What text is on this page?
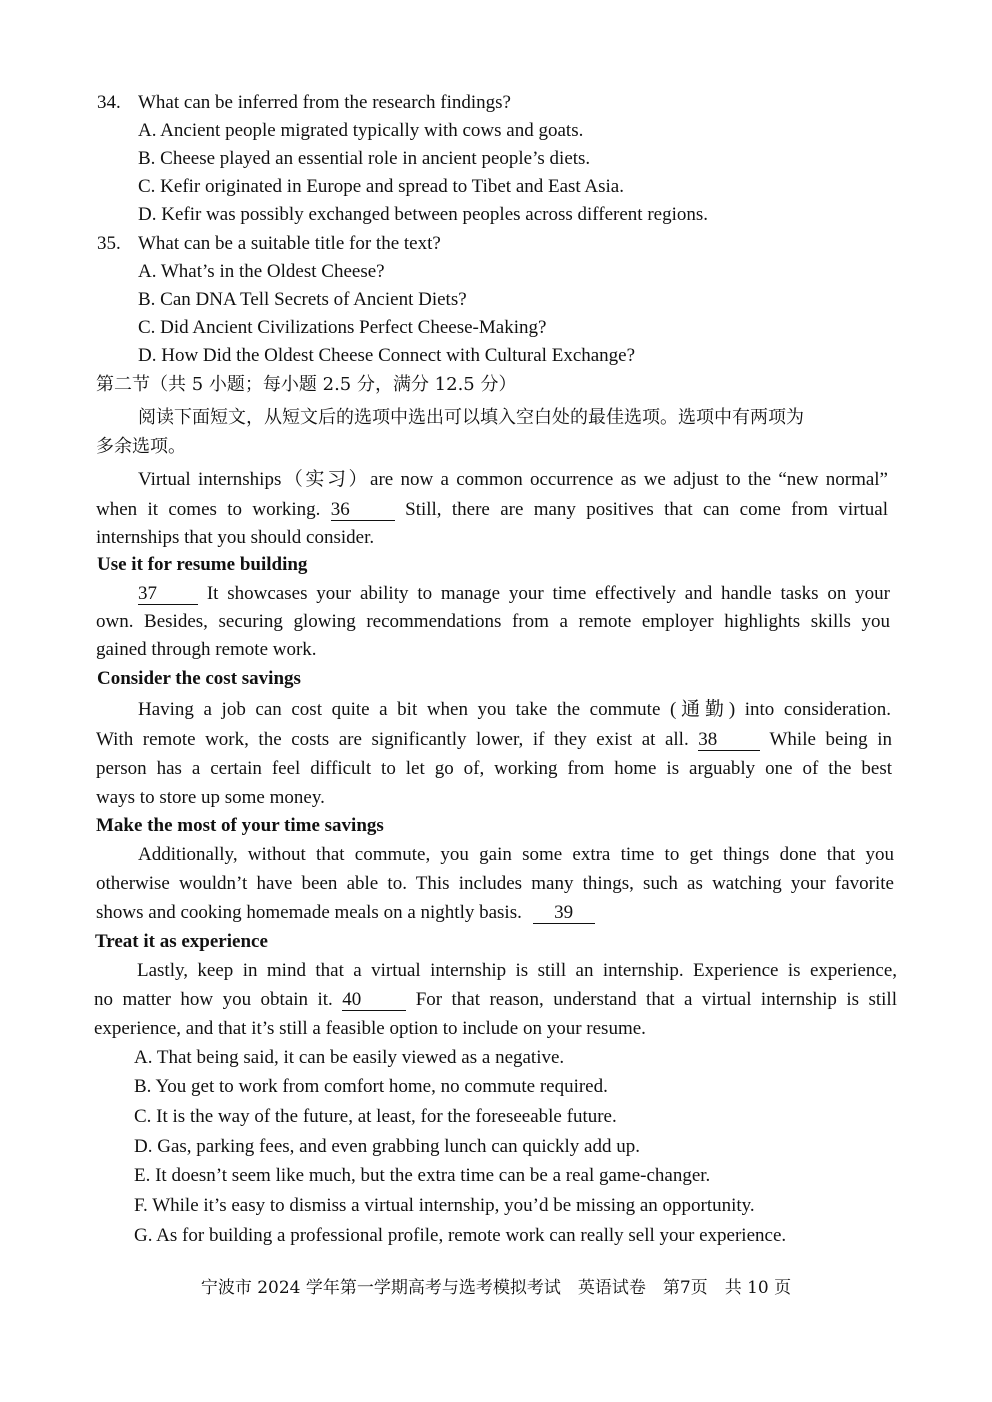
34. What can be inferred from the research findings?
A. Ancient people migrated typically with cows and goats.
B. Cheese played an essential role in ancient people’s diets.
C. Kefir originated in Europe and spread to Tibet and East Asia.
D. Kefir was possibly exchanged between peoples across different regions.
35. What can be a suitable title for the text?
A. What’s in the Oldest Cheese?
B. Can DNA Tell Secrets of Ancient Diets?
C. Did Ancient Civilizations Perfect Cheese-Making?
D. How Did the Oldest Cheese Connect with Cultural Exchange?
第二节（共 5 小题；每小题 2.5 分，满分 12.5 分）
阅读下面短文，从短文后的选项中选出可以填入空白处的最佳选项。选项中有两项为
多余选项。
Virtual internships（实习）are now a common occurrence as we adjust to the “new normal”
when it comes to working. 36	Still, there are many positives that can come from virtual
internships that you should consider.
Use it for resume building
37	It showcases your ability to manage your time effectively and handle tasks on your
own. Besides, securing glowing recommendations from a remote employer highlights skills you
gained through remote work.
Consider the cost savings
Having a job can cost quite a bit when you take the commute (通勤) into consideration.
With remote work, the costs are significantly lower, if they exist at all. 38	While being in
person has a certain feel difficult to let go of, working from home is arguably one of the best
ways to store up some money.
Make the most of your time savings
Additionally, without that commute, you gain some extra time to get things done that you
otherwise wouldn’t have been able to. This includes many things, such as watching your favorite
shows and cooking homemade meals on a nightly basis. 39
Treat it as experience
Lastly, keep in mind that a virtual internship is still an internship. Experience is experience,
no matter how you obtain it. 40	For that reason, understand that a virtual internship is still
experience, and that it’s still a feasible option to include on your resume.
A. That being said, it can be easily viewed as a negative.
B. You get to work from comfort home, no commute required.
C. It is the way of the future, at least, for the foreseeable future.
D. Gas, parking fees, and even grabbing lunch can quickly add up.
E. It doesn’t seem like much, but the extra time can be a real game-changer.
F. While it’s easy to dismiss a virtual internship, you’d be missing an opportunity.
G. As for building a professional profile, remote work can really sell your experience.
宁波市 2024 学年第一学期高考与选考模拟考试　英语试卷　第7页　共 10 页
